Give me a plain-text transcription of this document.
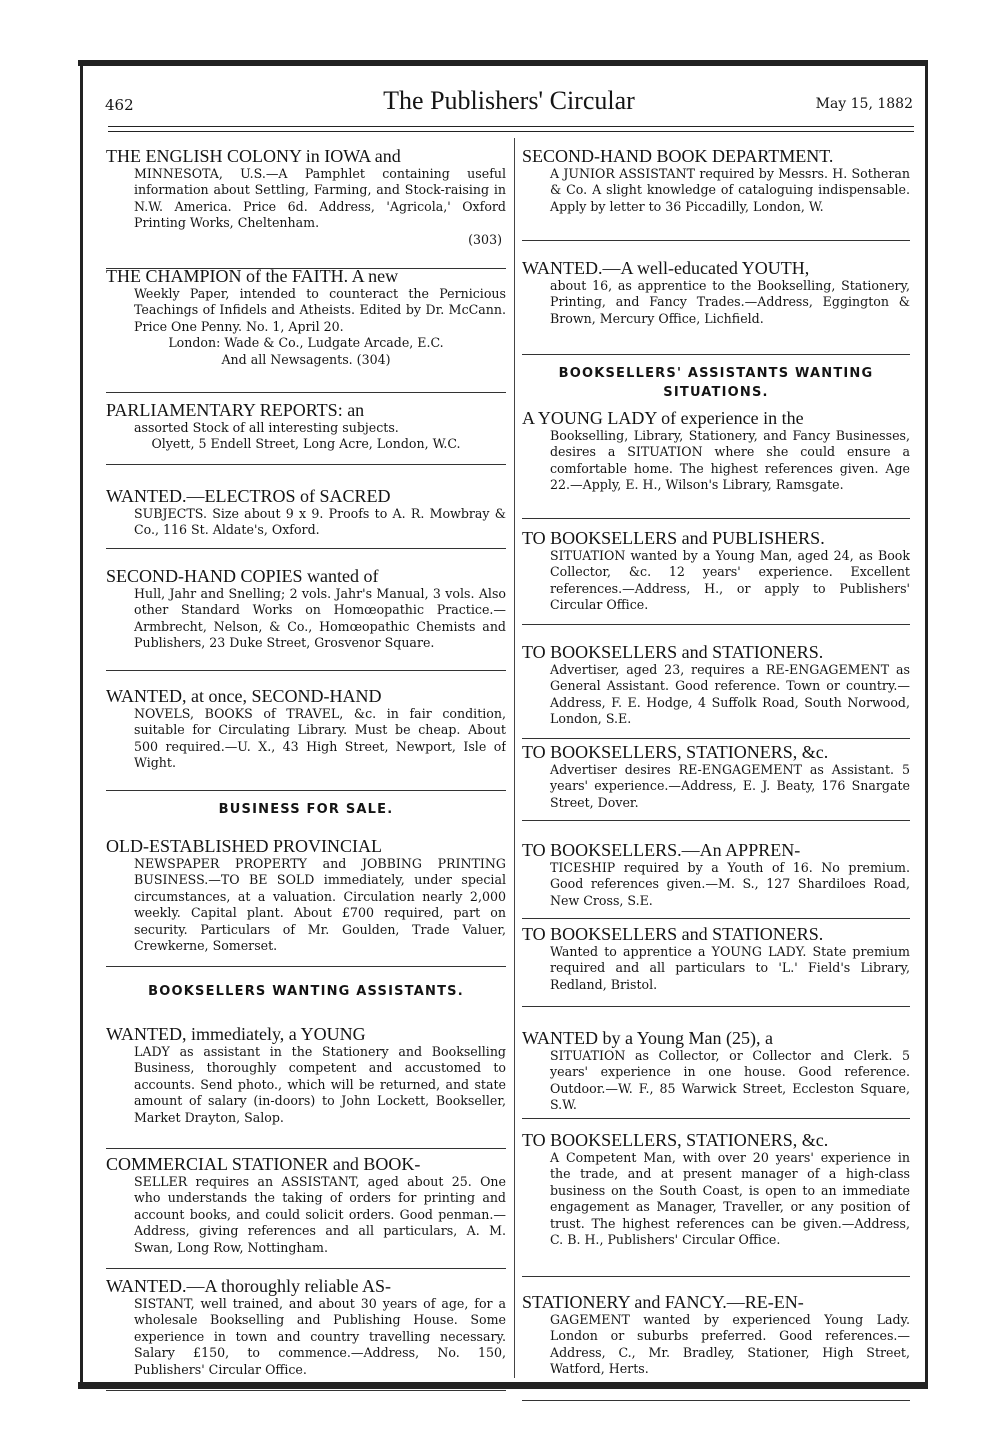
462	The Publishers' Circular	May 15, 1882
THE ENGLISH COLONY in IOWA and
MINNESOTA, U.S.—A Pamphlet containing useful information about Settling, Farming, and Stock-raising in N.W. America. Price 6d. Address, 'Agricola,' Oxford Printing Works, Cheltenham.
(303)
THE CHAMPION of the FAITH. A new
Weekly Paper, intended to counteract the Pernicious Teachings of Infidels and Atheists. Edited by Dr. McCann. Price One Penny. No. 1, April 20.
London: Wade & Co., Ludgate Arcade, E.C.
And all Newsagents. (304)
PARLIAMENTARY REPORTS: an
assorted Stock of all interesting subjects.
Olyett, 5 Endell Street, Long Acre, London, W.C.
WANTED.—ELECTROS of SACRED
SUBJECTS. Size about 9 x 9. Proofs to A. R. Mowbray & Co., 116 St. Aldate's, Oxford.
SECOND-HAND COPIES wanted of
Hull, Jahr and Snelling; 2 vols. Jahr's Manual, 3 vols. Also other Standard Works on Homœopathic Practice.—Armbrecht, Nelson, & Co., Homœopathic Chemists and Publishers, 23 Duke Street, Grosvenor Square.
WANTED, at once, SECOND-HAND
NOVELS, BOOKS of TRAVEL, &c. in fair condition, suitable for Circulating Library. Must be cheap. About 500 required.—U. X., 43 High Street, Newport, Isle of Wight.
BUSINESS FOR SALE.
OLD-ESTABLISHED PROVINCIAL
NEWSPAPER PROPERTY and JOBBING PRINTING BUSINESS.—TO BE SOLD immediately, under special circumstances, at a valuation. Circulation nearly 2,000 weekly. Capital plant. About £700 required, part on security. Particulars of Mr. Goulden, Trade Valuer, Crewkerne, Somerset.
BOOKSELLERS WANTING ASSISTANTS.
WANTED, immediately, a YOUNG
LADY as assistant in the Stationery and Bookselling Business, thoroughly competent and accustomed to accounts. Send photo., which will be returned, and state amount of salary (in-doors) to John Lockett, Bookseller, Market Drayton, Salop.
COMMERCIAL STATIONER and BOOK-
SELLER requires an ASSISTANT, aged about 25. One who understands the taking of orders for printing and account books, and could solicit orders. Good penman.—Address, giving references and all particulars, A. M. Swan, Long Row, Nottingham.
WANTED.—A thoroughly reliable AS-
SISTANT, well trained, and about 30 years of age, for a wholesale Bookselling and Publishing House. Some experience in town and country travelling necessary. Salary £150, to commence.—Address, No. 150, Publishers' Circular Office.
SECOND-HAND BOOK DEPARTMENT.
A JUNIOR ASSISTANT required by Messrs. H. Sotheran & Co. A slight knowledge of cataloguing indispensable. Apply by letter to 36 Piccadilly, London, W.
WANTED.—A well-educated YOUTH,
about 16, as apprentice to the Bookselling, Stationery, Printing, and Fancy Trades.—Address, Eggington & Brown, Mercury Office, Lichfield.
BOOKSELLERS' ASSISTANTS WANTING SITUATIONS.
A YOUNG LADY of experience in the
Bookselling, Library, Stationery, and Fancy Businesses, desires a SITUATION where she could ensure a comfortable home. The highest references given. Age 22.—Apply, E. H., Wilson's Library, Ramsgate.
TO BOOKSELLERS and PUBLISHERS.
SITUATION wanted by a Young Man, aged 24, as Book Collector, &c. 12 years' experience. Excellent references.—Address, H., or apply to Publishers' Circular Office.
TO BOOKSELLERS and STATIONERS.
Advertiser, aged 23, requires a RE-ENGAGEMENT as General Assistant. Good reference. Town or country.—Address, F. E. Hodge, 4 Suffolk Road, South Norwood, London, S.E.
TO BOOKSELLERS, STATIONERS, &c.
Advertiser desires RE-ENGAGEMENT as Assistant. 5 years' experience.—Address, E. J. Beaty, 176 Snargate Street, Dover.
TO BOOKSELLERS.—An APPREN-
TICESHIP required by a Youth of 16. No premium. Good references given.—M. S., 127 Shardiloes Road, New Cross, S.E.
TO BOOKSELLERS and STATIONERS.
Wanted to apprentice a YOUNG LADY. State premium required and all particulars to 'L.' Field's Library, Redland, Bristol.
WANTED by a Young Man (25), a
SITUATION as Collector, or Collector and Clerk. 5 years' experience in one house. Good reference. Outdoor.—W. F., 85 Warwick Street, Eccleston Square, S.W.
TO BOOKSELLERS, STATIONERS, &c.
A Competent Man, with over 20 years' experience in the trade, and at present manager of a high-class business on the South Coast, is open to an immediate engagement as Manager, Traveller, or any position of trust. The highest references can be given.—Address, C. B. H., Publishers' Circular Office.
STATIONERY and FANCY.—RE-EN-
GAGEMENT wanted by experienced Young Lady. London or suburbs preferred. Good references.—Address, C., Mr. Bradley, Stationer, High Street, Watford, Herts.
